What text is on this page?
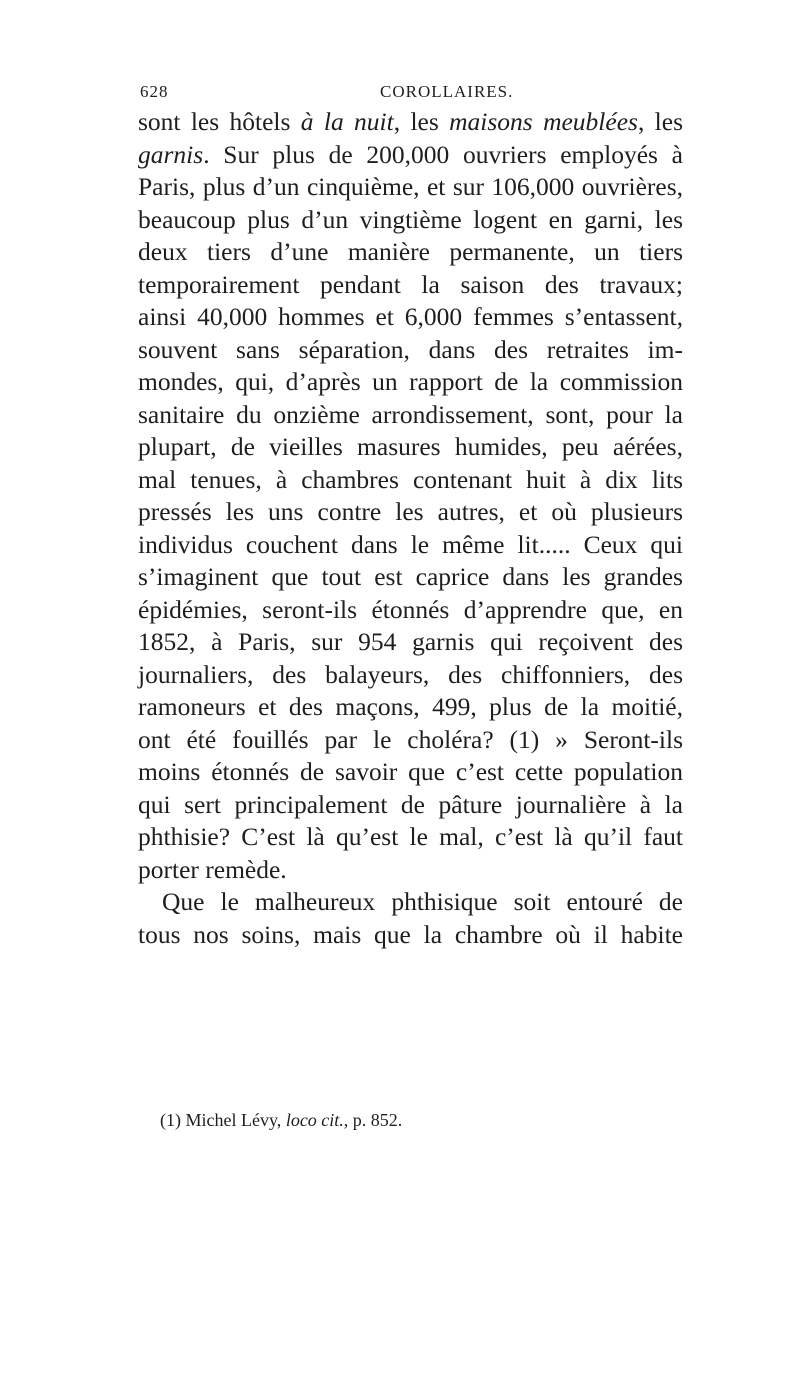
628	COROLLAIRES.
sont les hôtels à la nuit, les maisons meublées, les
garnis. Sur plus de 200,000 ouvriers employés à
Paris, plus d’un cinquième, et sur 106,000 ouvrières,
beaucoup plus d’un vingtième logent en garni, les
deux tiers d’une manière permanente, un tiers
temporairement pendant la saison des travaux;
ainsi 40,000 hommes et 6,000 femmes s’entassent,
souvent sans séparation, dans des retraites im-
mondes, qui, d’après un rapport de la commission
sanitaire du onzième arrondissement, sont, pour la
plupart, de vieilles masures humides, peu aérées,
mal tenues, à chambres contenant huit à dix lits
pressés les uns contre les autres, et où plusieurs
individus couchent dans le même lit..... Ceux qui
s’imaginent que tout est caprice dans les grandes
épidémies, seront-ils étonnés d’apprendre que, en
1852, à Paris, sur 954 garnis qui reçoivent des
journaliers, des balayeurs, des chiffonniers, des
ramoneurs et des maçons, 499, plus de la moitié,
ont été fouillés par le choléra? (1) » Seront-ils
moins étonnés de savoir que c’est cette population
qui sert principalement de pâture journalière à la
phthisie? C’est là qu’est le mal, c’est là qu’il faut
porter remède.
Que le malheureux phthisique soit entouré de
tous nos soins, mais que la chambre où il habite
(1) Michel Lévy, loco cit., p. 852.
